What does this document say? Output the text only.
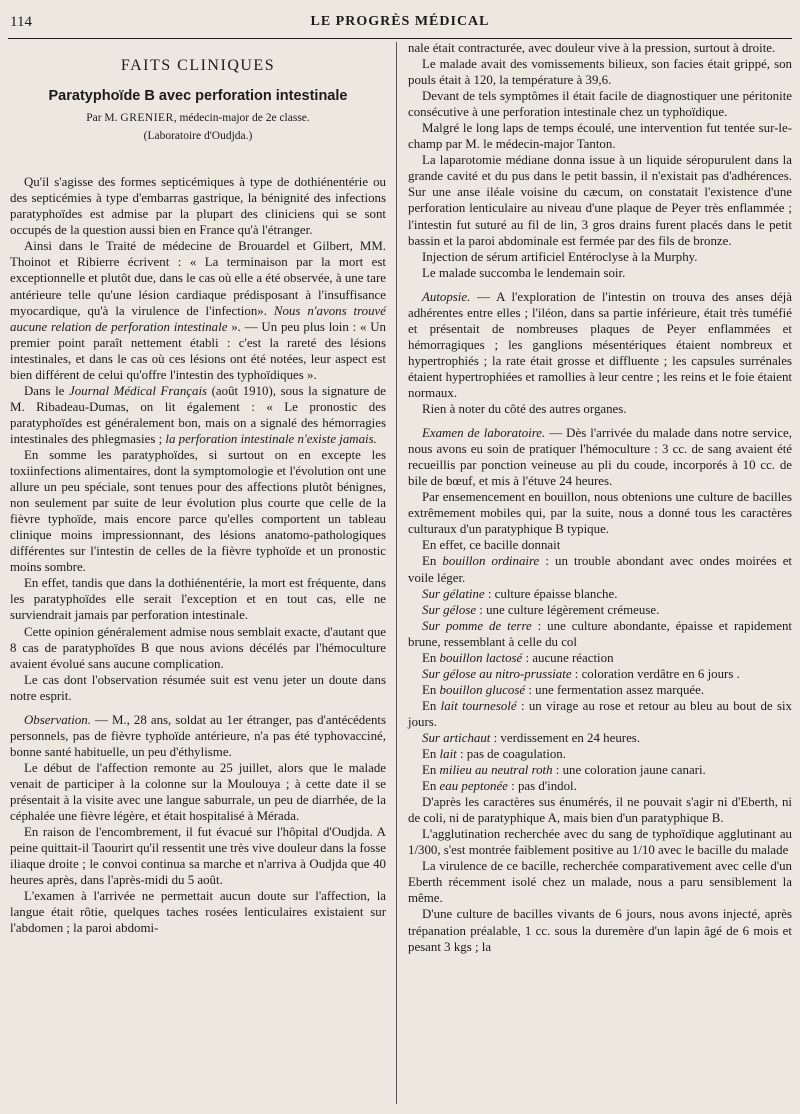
114	LE PROGRÈS MÉDICAL
FAITS CLINIQUES
Paratyphoïde B avec perforation intestinale
Par M. GRENIER, médecin-major de 2e classe.
(Laboratoire d'Oudjda.)

Qu'il s'agisse des formes septicémiques à type de dothiénentérie ou des septicémies à type d'embarras gastrique, la bénignité des infections paratyphoïdes est admise par la plupart des cliniciens qui se sont occupés de la question aussi bien en France qu'à l'étranger.

Ainsi dans le Traité de médecine de Brouardel et Gilbert, MM. Thoinot et Ribierre écrivent : « La terminaison par la mort est exceptionnelle et plutôt due, dans le cas où elle a été observée, à une tare antérieure telle qu'une lésion cardiaque prédisposant à l'insuffisance myocardique, qu'à la virulence de l'infection». Nous n'avons trouvé aucune relation de perforation intestinale ». — Un peu plus loin : « Un premier point paraît nettement établi : c'est la rareté des lésions intestinales, et dans le cas où ces lésions ont été notées, leur aspect est bien différent de celui qu'offre l'intestin des typhoïdiques ».

Dans le Journal Médical Français (août 1910), sous la signature de M. Ribadeau-Dumas, on lit également : « Le pronostic des paratyphoïdes est généralement bon, mais on a signalé des hémorragies intestinales des phlegmasies ; la perforation intestinale n'existe jamais.

En somme les paratyphoïdes, si surtout on en excepte les toxiinfections alimentaires, dont la symptomologie et l'évolution ont une allure un peu spéciale, sont tenues pour des affections plutôt bénignes, non seulement par suite de leur évolution plus courte que celle de la fièvre typhoïde, mais encore parce qu'elles comportent un tableau clinique moins impressionnant, des lésions anatomo-pathologiques différentes sur l'intestin de celles de la fièvre typhoïde et un pronostic moins sombre.

En effet, tandis que dans la dothiénentérie, la mort est fréquente, dans les paratyphoïdes elle serait l'exception et en tout cas, elle ne surviendrait jamais par perforation intestinale.

Cette opinion généralement admise nous semblait exacte, d'autant que 8 cas de paratyphoïdes B que nous avions décélés par l'hémoculture avaient évolué sans aucune complication.

Le cas dont l'observation résumée suit est venu jeter un doute dans notre esprit.

Observation. — M., 28 ans, soldat au 1er étranger, pas d'antécédents personnels, pas de fièvre typhoïde antérieure, n'a pas été typhovacciné, bonne santé habituelle, un peu d'éthylisme.

Le début de l'affection remonte au 25 juillet, alors que le malade venait de participer à la colonne sur la Moulouya ; à cette date il se présentait à la visite avec une langue saburrale, un peu de diarrhée, de la céphalée une fièvre légère, et était hospitalisé à Mérada.

En raison de l'encombrement, il fut évacué sur l'hôpital d'Oudjda. A peine quittait-il Taourirt qu'il ressentit une très vive douleur dans la fosse iliaque droite ; le convoi continua sa marche et n'arriva à Oudjda que 40 heures après, dans l'après-midi du 5 août.

L'examen à l'arrivée ne permettait aucun doute sur l'affection, la langue était rôtie, quelques taches rosées lenticulaires existaient sur l'abdomen ; la paroi abdomi-

nale était contracturée, avec douleur vive à la pression, surtout à droite.

Le malade avait des vomissements bilieux, son facies était grippé, son pouls était à 120, la température à 39,6.

Devant de tels symptômes il était facile de diagnostiquer une péritonite consécutive à une perforation intestinale chez un typhoïdique.

Malgré le long laps de temps écoulé, une intervention fut tentée sur-le-champ par M. le médecin-major Tanton.

La laparotomie médiane donna issue à un liquide séropurulent dans la grande cavité et du pus dans le petit bassin, il n'existait pas d'adhérences. Sur une anse iléale voisine du cæcum, on constatait l'existence d'une perforation lenticulaire au niveau d'une plaque de Peyer très enflammée ; l'intestin fut suturé au fil de lin, 3 gros drains furent placés dans le petit bassin et la paroi abdominale est fermée par des fils de bronze.

Injection de sérum artificiel Entéroclyse à la Murphy.

Le malade succomba le lendemain soir.

Autopsie. — A l'exploration de l'intestin on trouva des anses déjà adhérentes entre elles ; l'iléon, dans sa partie inférieure, était très tuméfié et présentait de nombreuses plaques de Peyer enflammées et hémorragiques ; les ganglions mésentériques étaient nombreux et hypertrophiés ; la rate était grosse et diffluente ; les capsules surrénales étaient hypertrophiées et ramollies à leur centre ; les reins et le foie étaient normaux.

Rien à noter du côté des autres organes.

Examen de laboratoire. — Dès l'arrivée du malade dans notre service, nous avons eu soin de pratiquer l'hémoculture : 3 cc. de sang avaient été recueillis par ponction veineuse au pli du coude, incorporés à 10 cc. de bile de bœuf, et mis à l'étuve 24 heures.

Par ensemencement en bouillon, nous obtenions une culture de bacilles extrêmement mobiles qui, par la suite, nous a donné tous les caractères culturaux d'un paratyphique B typique.

En effet, ce bacille donnait

En bouillon ordinaire : un trouble abondant avec ondes moirées et voile léger.

Sur gélatine : culture épaisse blanche.

Sur gélose : une culture légèrement crémeuse.

Sur pomme de terre : une culture abondante, épaisse et rapidement brune, ressemblant à celle du col

En bouillon lactosé : aucune réaction

Sur gélose au nitro-prussiate : coloration verdâtre en 6 jours .

En bouillon glucosé : une fermentation assez marquée.

En lait tournesolé : un virage au rose et retour au bleu au bout de six jours.

Sur artichaut : verdissement en 24 heures.

En lait : pas de coagulation.

En milieu au neutral roth : une coloration jaune canari.

En eau peptonée : pas d'indol.

D'après les caractères sus énumérés, il ne pouvait s'agir ni d'Eberth, ni de coli, ni de paratyphique A, mais bien d'un paratyphique B.

L'agglutination recherchée avec du sang de typhoïdique agglutinant au 1/300, s'est montrée faiblement positive au 1/10 avec le bacille du malade

La virulence de ce bacille, recherchée comparativement avec celle d'un Eberth récemment isolé chez un malade, nous a paru sensiblement la même.

D'une culture de bacilles vivants de 6 jours, nous avons injecté, après trépanation préalable, 1 cc. sous la duremère d'un lapin âgé de 6 mois et pesant 3 kgs ; la
